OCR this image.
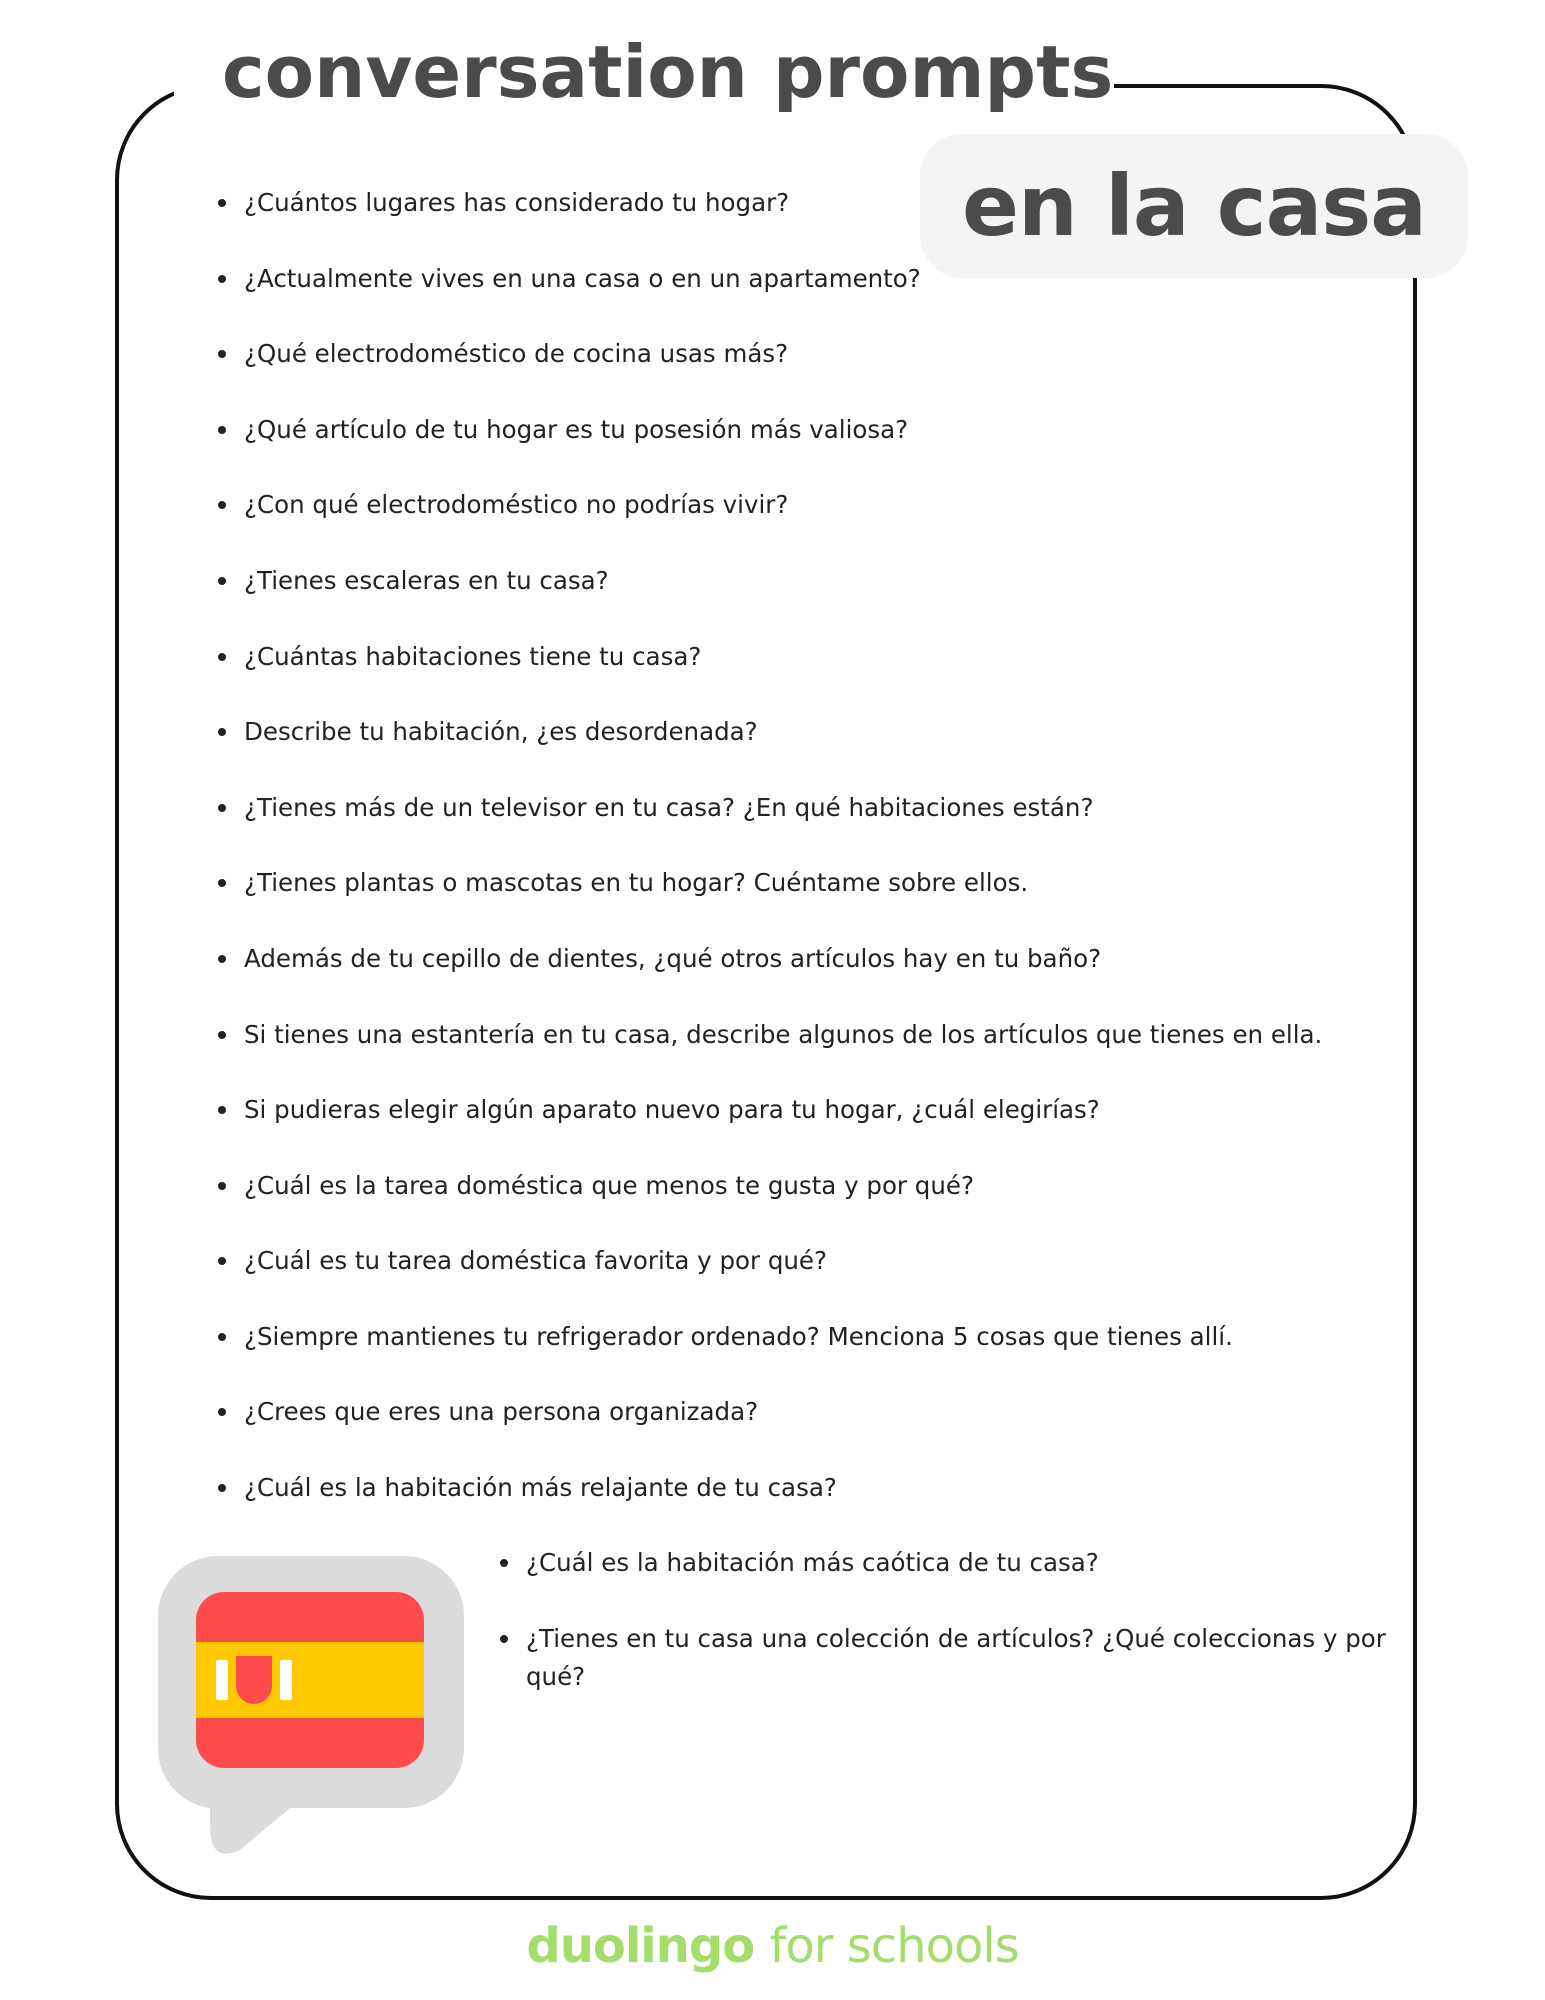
conversation prompts
en la casa
¿Cuántos lugares has considerado tu hogar?
¿Actualmente vives en una casa o en un apartamento?
¿Qué electrodoméstico de cocina usas más?
¿Qué artículo de tu hogar es tu posesión más valiosa?
¿Con qué electrodoméstico no podrías vivir?
¿Tienes escaleras en tu casa?
¿Cuántas habitaciones tiene tu casa?
Describe tu habitación, ¿es desordenada?
¿Tienes más de un televisor en tu casa? ¿En qué habitaciones están?
¿Tienes plantas o mascotas en tu hogar? Cuéntame sobre ellos.
Además de tu cepillo de dientes, ¿qué otros artículos hay en tu baño?
Si tienes una estantería en tu casa, describe algunos de los artículos que tienes en ella.
Si pudieras elegir algún aparato nuevo para tu hogar, ¿cuál elegirías?
¿Cuál es la tarea doméstica que menos te gusta y por qué?
¿Cuál es tu tarea doméstica favorita y por qué?
¿Siempre mantienes tu refrigerador ordenado? Menciona 5 cosas que tienes allí.
¿Crees que eres una persona organizada?
¿Cuál es la habitación más relajante de tu casa?
¿Cuál es la habitación más caótica de tu casa?
¿Tienes en tu casa una colección de artículos? ¿Qué coleccionas y por qué?
duolingo for schools
